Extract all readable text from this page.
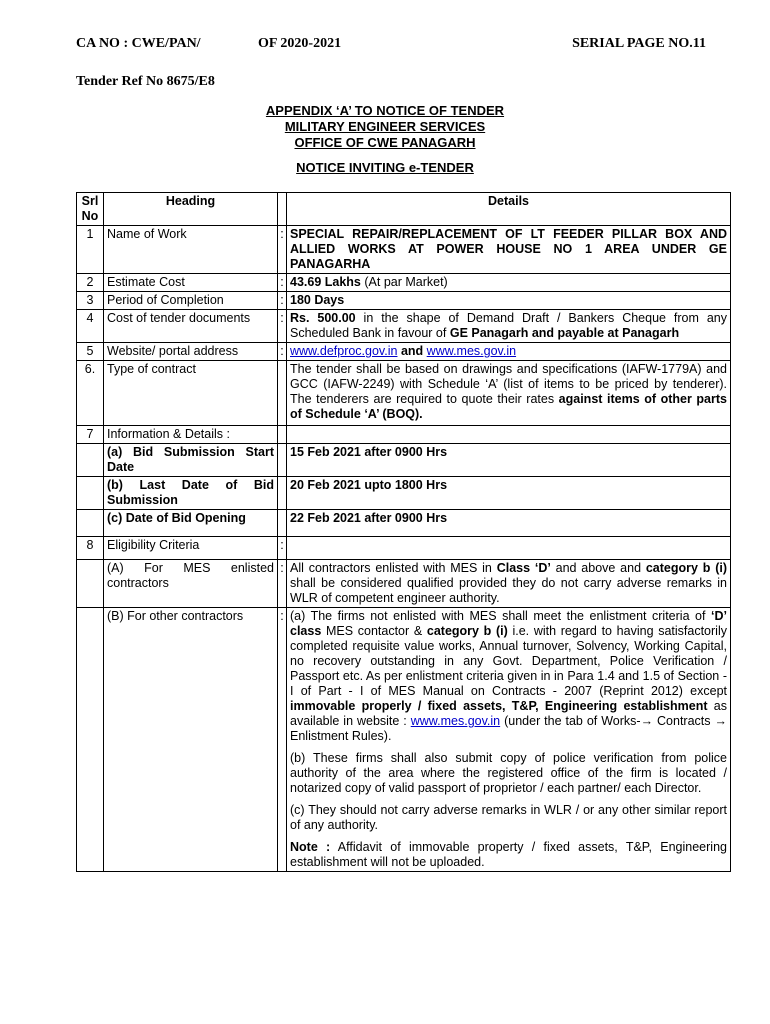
CA NO : CWE/PAN/	OF 2020-2021	SERIAL PAGE NO.11
Tender Ref No 8675/E8
APPENDIX ‘A’ TO NOTICE OF TENDER
MILITARY ENGINEER SERVICES
OFFICE OF CWE PANAGARH
NOTICE INVITING e-TENDER
Srl No	Heading		Details
1	Name of Work	:	SPECIAL REPAIR/REPLACEMENT OF LT FEEDER PILLAR BOX AND ALLIED WORKS AT POWER HOUSE NO 1 AREA UNDER GE PANAGARHA
2	Estimate Cost	:	43.69 Lakhs (At par Market)
3	Period of Completion	:	180 Days
4	Cost of tender documents	:	Rs. 500.00 in the shape of Demand Draft / Bankers Cheque from any Scheduled Bank in favour of GE Panagarh and payable at Panagarh
5	Website/ portal address	:	www.defproc.gov.in and www.mes.gov.in
6.	Type of contract		The tender shall be based on drawings and specifications (IAFW-1779A) and GCC (IAFW-2249) with Schedule ‘A’ (list of items to be priced by tenderer). The tenderers are required to quote their rates against items of other parts of Schedule ‘A’ (BOQ).
7	Information & Details :		
	(a) Bid Submission Start Date		15 Feb 2021 after 0900 Hrs
	(b) Last Date of Bid Submission		20 Feb 2021 upto 1800 Hrs
	(c) Date of Bid Opening		22 Feb 2021 after 0900 Hrs
8	Eligibility Criteria	:	
	(A) For MES enlisted contractors	:	All contractors enlisted with MES in Class ‘D’ and above and category b (i) shall be considered qualified provided they do not carry adverse remarks in WLR of competent engineer authority.
	(B) For other contractors	:	(a) The firms not enlisted with MES shall meet the enlistment criteria of ‘D’ class MES contactor & category b (i) i.e. with regard to having satisfactorily completed requisite value works, Annual turnover, Solvency, Working Capital, no recovery outstanding in any Govt. Department, Police Verification / Passport etc. As per enlistment criteria given in in Para 1.4 and 1.5 of Section - I of Part - I of MES Manual on Contracts - 2007 (Reprint 2012) except immovable properly / fixed assets, T&P, Engineering establishment as available in website : www.mes.gov.in (under the tab of Works-→ Contracts → Enlistment Rules).

(b) These firms shall also submit copy of police verification from police authority of the area where the registered office of the firm is located / notarized copy of valid passport of proprietor / each partner/ each Director.

(c) They should not carry adverse remarks in WLR / or any other similar report of any authority.

Note : Affidavit of immovable property / fixed assets, T&P, Engineering establishment will not be uploaded.
